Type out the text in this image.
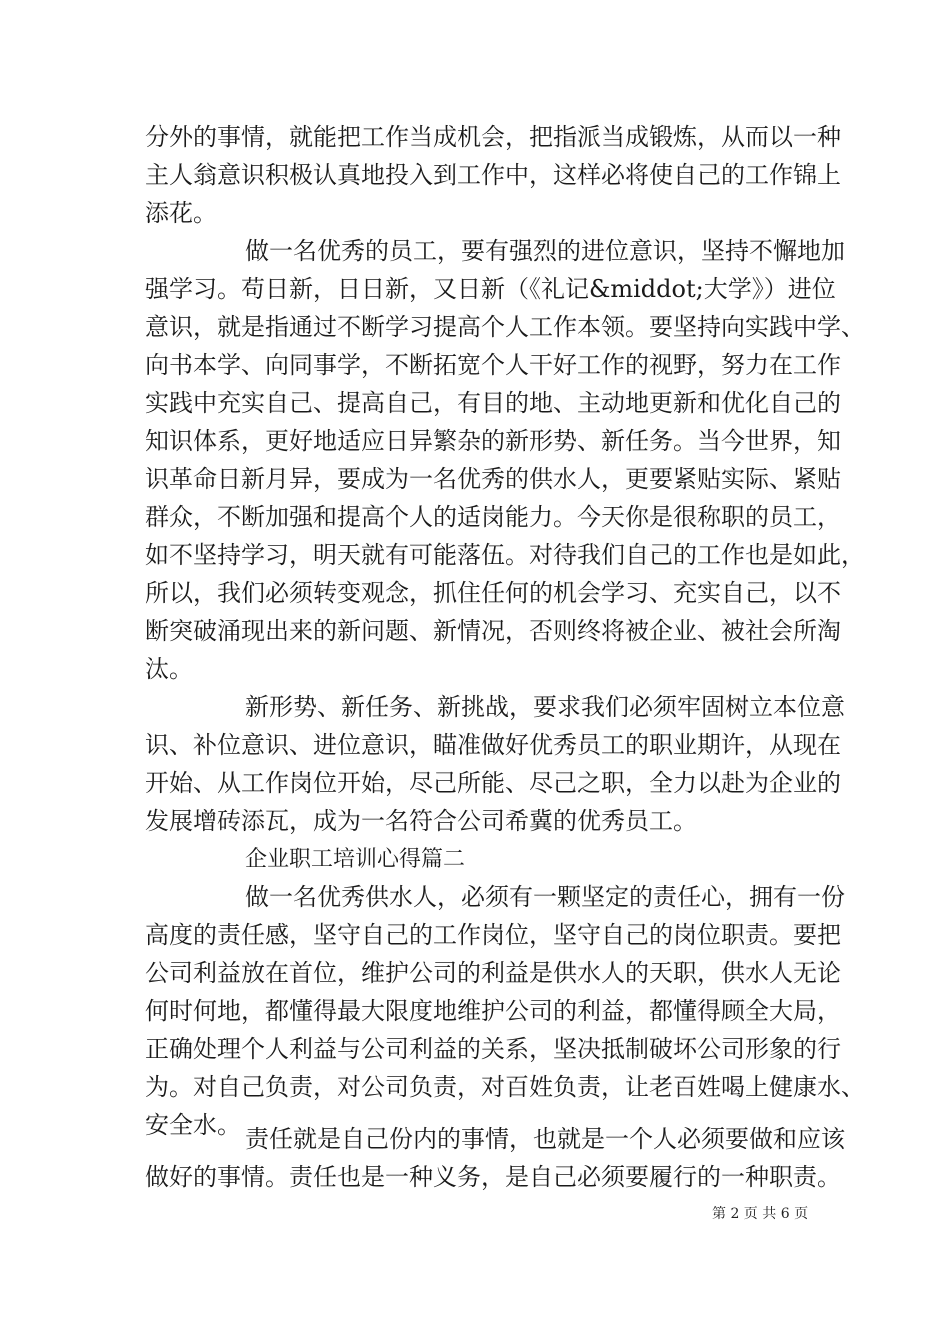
分外的事情，就能把工作当成机会，把指派当成锻炼，从而以一种
主人翁意识积极认真地投入到工作中，这样必将使自己的工作锦上
添花。
做一名优秀的员工，要有强烈的进位意识，坚持不懈地加
强学习。苟日新，日日新，又日新（《礼记&middot;大学》）进位
意识，就是指通过不断学习提高个人工作本领。要坚持向实践中学、
向书本学、向同事学，不断拓宽个人干好工作的视野，努力在工作
实践中充实自己、提高自己，有目的地、主动地更新和优化自己的
知识体系，更好地适应日异繁杂的新形势、新任务。当今世界，知
识革命日新月异，要成为一名优秀的供水人，更要紧贴实际、紧贴
群众，不断加强和提高个人的适岗能力。今天你是很称职的员工，
如不坚持学习，明天就有可能落伍。对待我们自己的工作也是如此，
所以，我们必须转变观念，抓住任何的机会学习、充实自己，以不
断突破涌现出来的新问题、新情况，否则终将被企业、被社会所淘
汰。
新形势、新任务、新挑战，要求我们必须牢固树立本位意
识、补位意识、进位意识，瞄准做好优秀员工的职业期许，从现在
开始、从工作岗位开始，尽己所能、尽己之职，全力以赴为企业的
发展增砖添瓦，成为一名符合公司希冀的优秀员工。
企业职工培训心得篇二
做一名优秀供水人，必须有一颗坚定的责任心，拥有一份
高度的责任感，坚守自己的工作岗位，坚守自己的岗位职责。要把
公司利益放在首位，维护公司的利益是供水人的天职，供水人无论
何时何地，都懂得最大限度地维护公司的利益，都懂得顾全大局，
正确处理个人利益与公司利益的关系，坚决抵制破坏公司形象的行
为。对自己负责，对公司负责，对百姓负责，让老百姓喝上健康水、
安全水。 责任就是自己份内的事情，也就是一个人必须要做和应该
第 2 页 共 6 页
做好的事情。责任也是一种义务，是自己必须要履行的一种职责。
